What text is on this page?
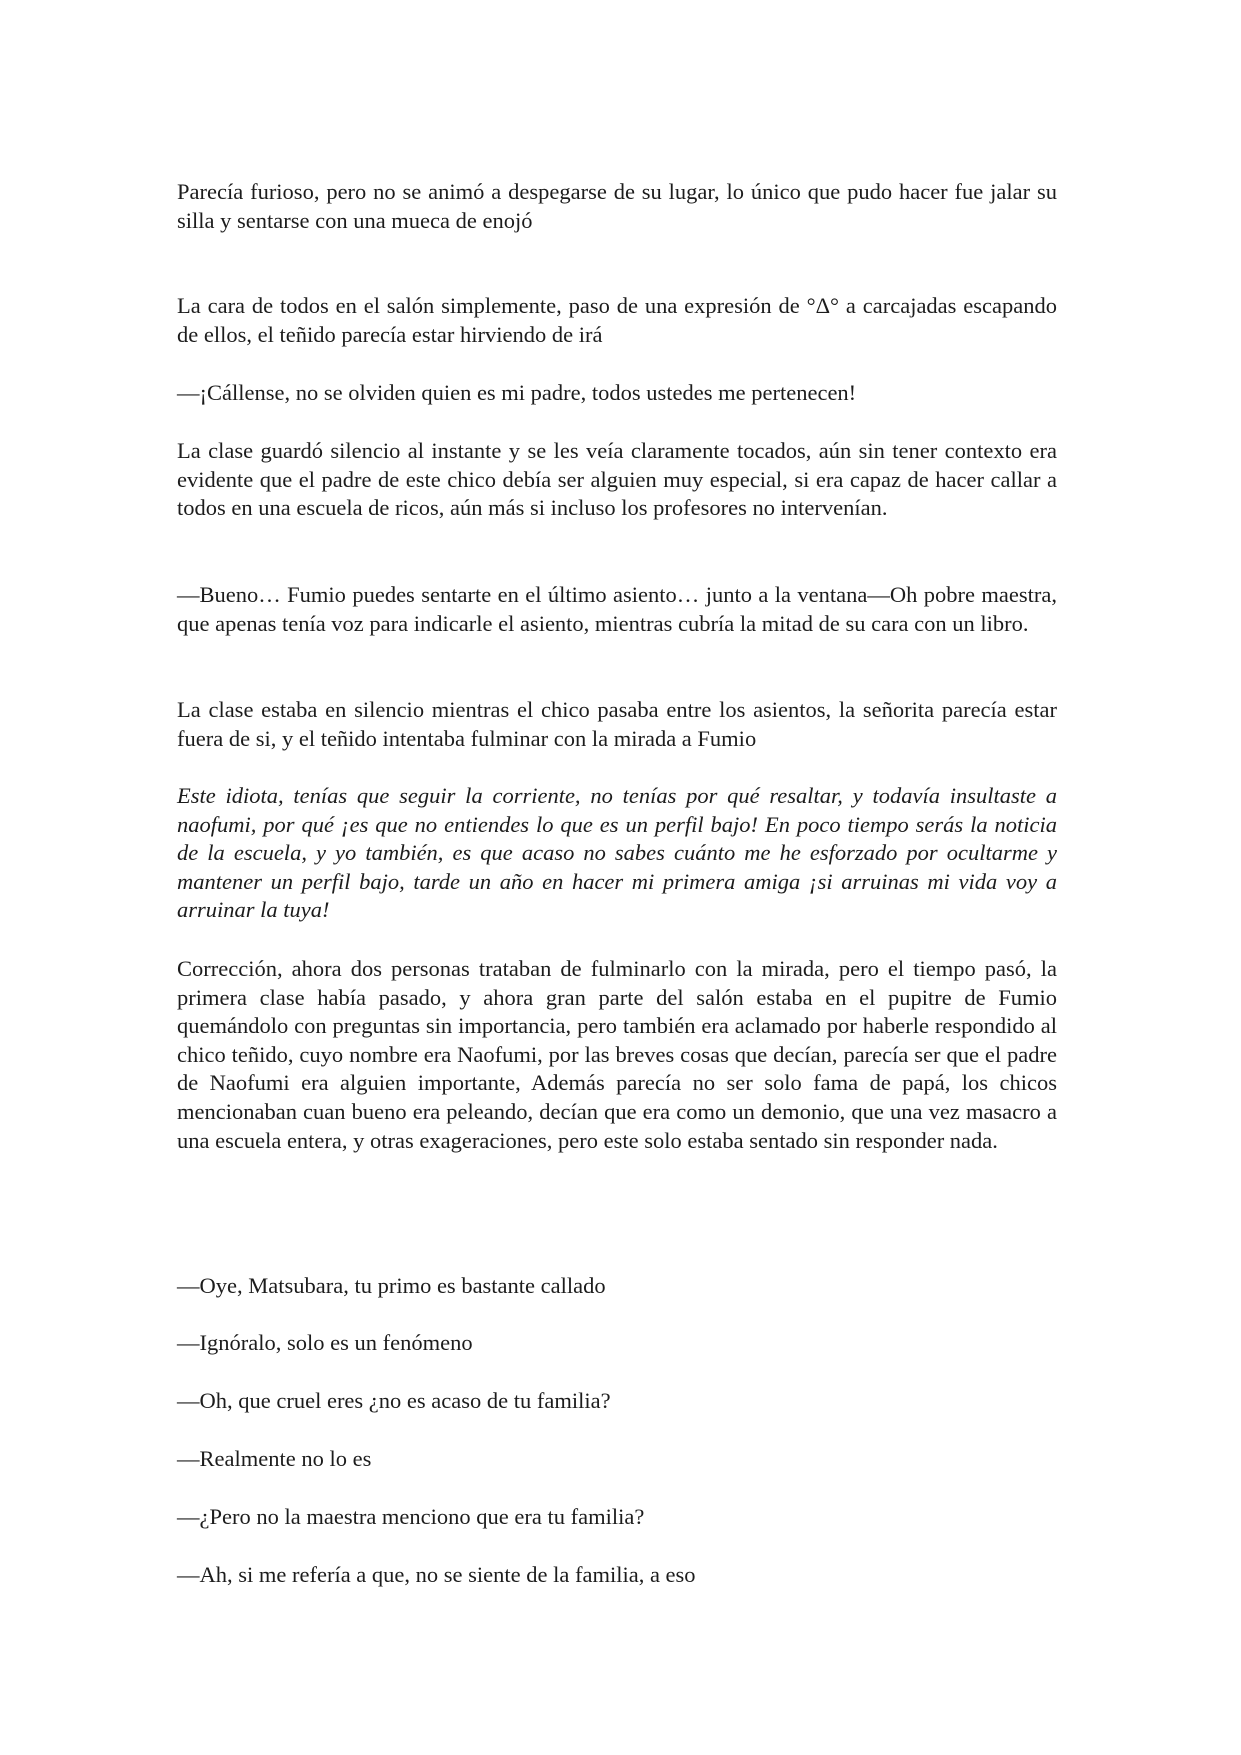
Parecía furioso, pero no se animó a despegarse de su lugar, lo único que pudo hacer fue jalar su silla y sentarse con una mueca de enojó

La cara de todos en el salón simplemente, paso de una expresión de °Δ° a carcajadas escapando de ellos, el teñido parecía estar hirviendo de irá

—¡Cállense, no se olviden quien es mi padre, todos ustedes me pertenecen!

La clase guardó silencio al instante y se les veía claramente tocados, aún sin tener contexto era evidente que el padre de este chico debía ser alguien muy especial, si era capaz de hacer callar a todos en una escuela de ricos, aún más si incluso los profesores no intervenían.

—Bueno… Fumio puedes sentarte en el último asiento… junto a la ventana—Oh pobre maestra, que apenas tenía voz para indicarle el asiento, mientras cubría la mitad de su cara con un libro.

La clase estaba en silencio mientras el chico pasaba entre los asientos, la señorita parecía estar fuera de si, y el teñido intentaba fulminar con la mirada a Fumio

Este idiota, tenías que seguir la corriente, no tenías por qué resaltar, y todavía insultaste a naofumi, por qué ¡es que no entiendes lo que es un perfil bajo! En poco tiempo serás la noticia de la escuela, y yo también, es que acaso no sabes cuánto me he esforzado por ocultarme y mantener un perfil bajo, tarde un año en hacer mi primera amiga ¡si arruinas mi vida voy a arruinar la tuya!

Corrección, ahora dos personas trataban de fulminarlo con la mirada, pero el tiempo pasó, la primera clase había pasado, y ahora gran parte del salón estaba en el pupitre de Fumio quemándolo con preguntas sin importancia, pero también era aclamado por haberle respondido al chico teñido, cuyo nombre era Naofumi, por las breves cosas que decían, parecía ser que el padre de Naofumi era alguien importante, Además parecía no ser solo fama de papá, los chicos mencionaban cuan bueno era peleando, decían que era como un demonio, que una vez masacro a una escuela entera, y otras exageraciones, pero este solo estaba sentado sin responder nada.

—Oye, Matsubara, tu primo es bastante callado

—Ignóralo, solo es un fenómeno

—Oh, que cruel eres ¿no es acaso de tu familia?

—Realmente no lo es

—¿Pero no la maestra menciono que era tu familia?

—Ah, si me refería a que, no se siente de la familia, a eso
